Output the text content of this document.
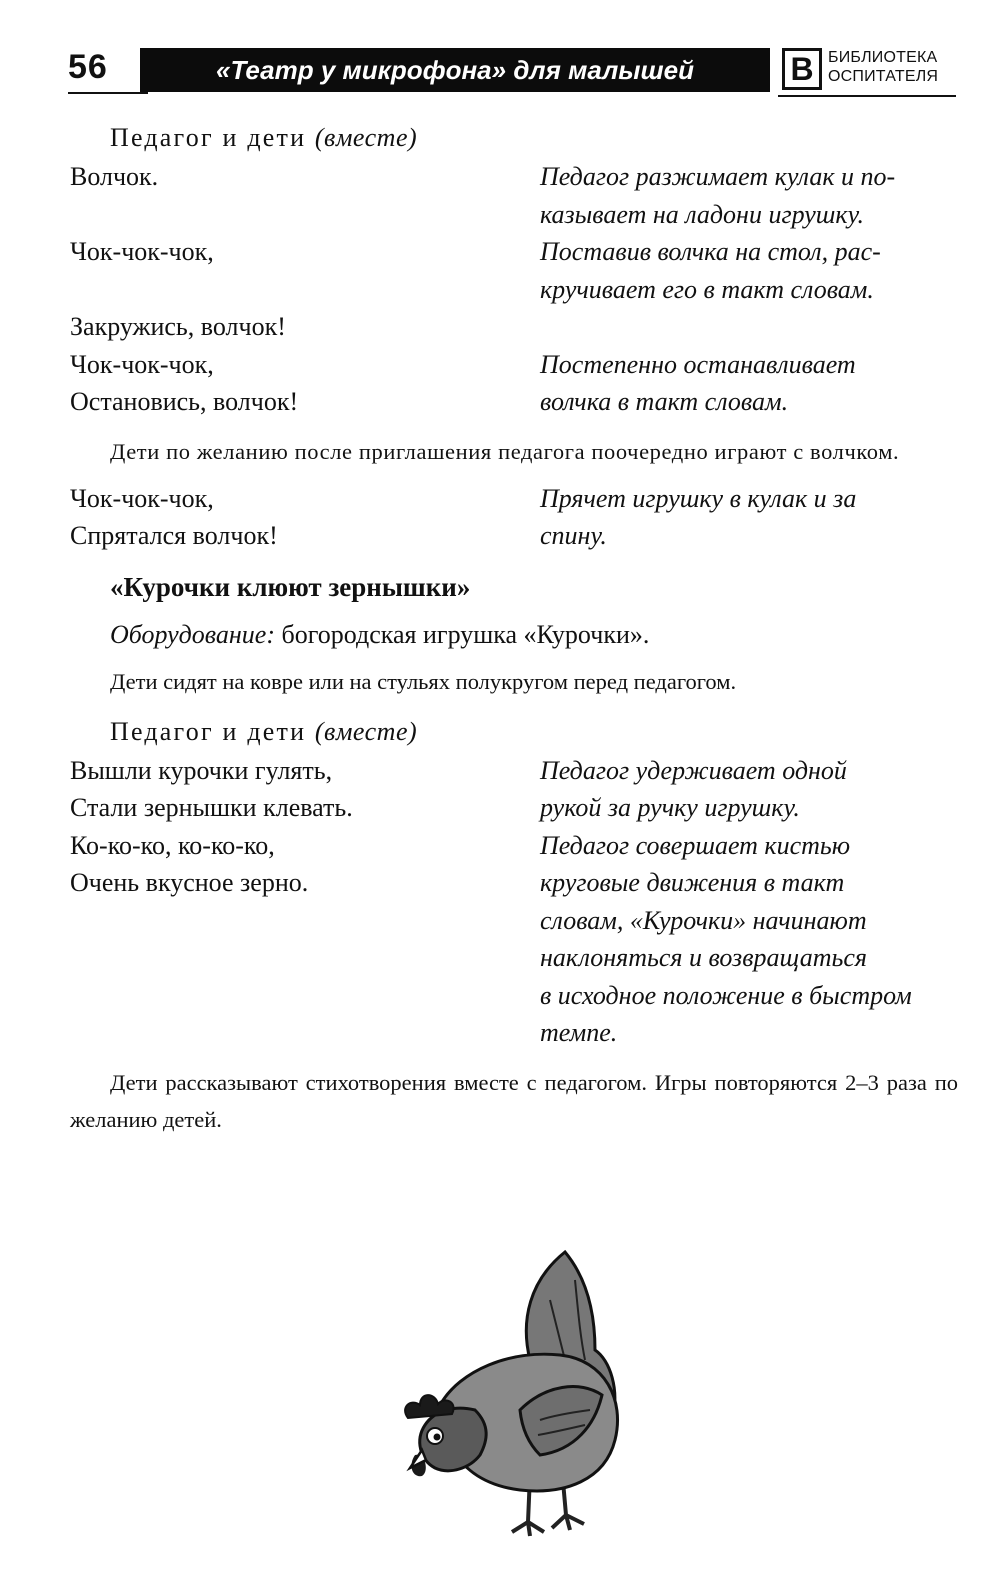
56	«Театр у микрофона» для малышей	В БИБЛИОТЕКА
ОСПИТАТЕЛЯ
Педагог и дети (вместе)
Волчок.	Педагог разжимает кулак и по-

казывает на ладони игрушку.
Чок-чок-чок,	Поставив волчка на стол, рас-

кручивает его в такт словам.
Закружись, волчок!

Чок-чок-чок,	Постепенно останавливает
Остановись, волчок!	волчка в такт словам.
Дети по желанию после приглашения педагога поочередно играют с волчком.
Чок-чок-чок,	Прячет игрушку в кулак и за
Спрятался волчок!	спину.
«Курочки клюют зернышки»
Оборудование: богородская игрушка «Курочки».
Дети сидят на ковре или на стульях полукругом перед педагогом.
Педагог и дети (вместе)
Вышли курочки гулять,	Педагог удерживает одной
Стали зернышки клевать.	рукой за ручку игрушку.
Ко-ко-ко, ко-ко-ко,	Педагог совершает кистью
Очень вкусное зерно.	круговые движения в такт

словам, «Курочки» начинают

наклоняться и возвращаться

в исходное положение в быстром

темпе.
Дети рассказывают стихотворения вместе с педагогом. Игры повторяются 2–3 раза по желанию детей.
